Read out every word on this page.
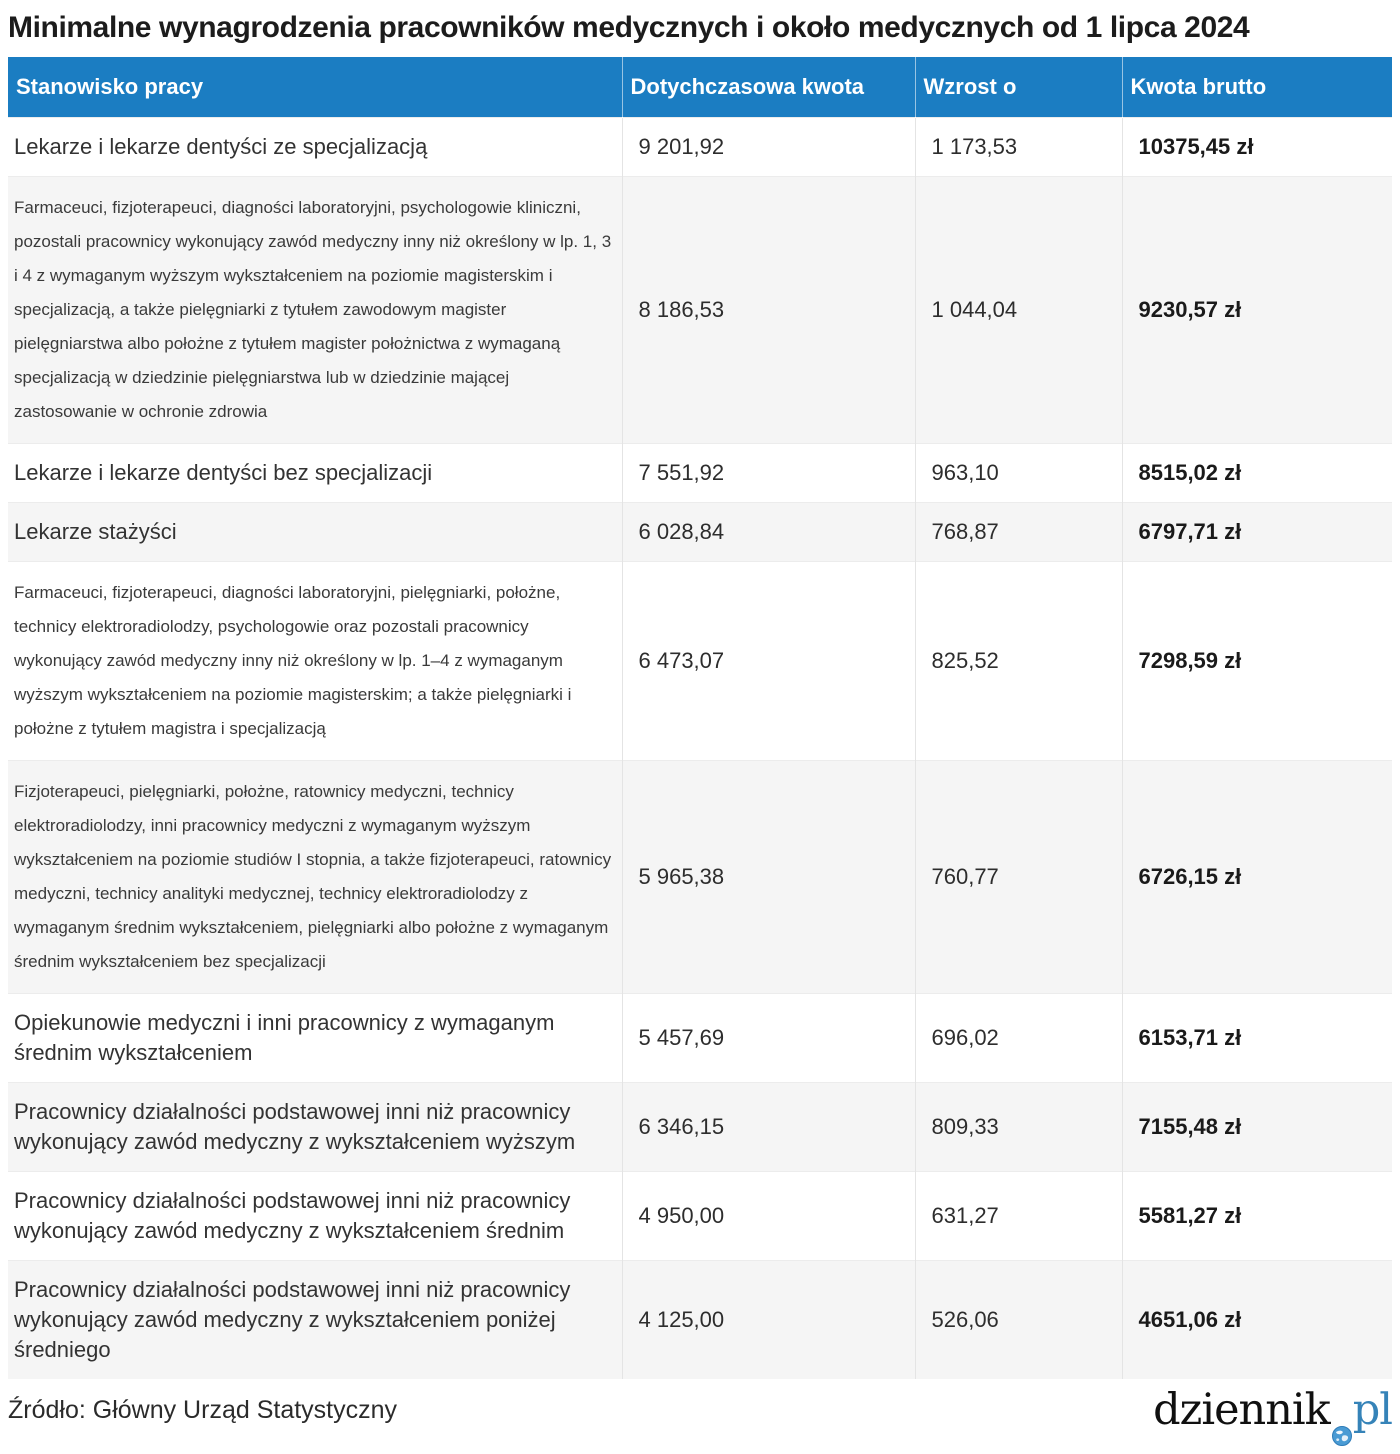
Minimalne wynagrodzenia pracowników medycznych i około medycznych od 1 lipca 2024
Stanowisko pracy	Dotychczasowa kwota	Wzrost o	Kwota brutto
Lekarze i lekarze dentyści ze specjalizacją	9 201,92	1 173,53	10375,45 zł
Farmaceuci, fizjoterapeuci, diagności laboratoryjni, psychologowie kliniczni, pozostali pracownicy wykonujący zawód medyczny inny niż określony w lp. 1, 3 i 4 z wymaganym wyższym wykształceniem na poziomie magisterskim i specjalizacją, a także pielęgniarki z tytułem zawodowym magister pielęgniarstwa albo położne z tytułem magister położnictwa z wymaganą specjalizacją w dziedzinie pielęgniarstwa lub w dziedzinie mającej zastosowanie w ochronie zdrowia	8 186,53	1 044,04	9230,57 zł
Lekarze i lekarze dentyści bez specjalizacji	7 551,92	963,10	8515,02 zł
Lekarze stażyści	6 028,84	768,87	6797,71 zł
Farmaceuci, fizjoterapeuci, diagności laboratoryjni, pielęgniarki, położne, technicy elektroradiolodzy, psychologowie oraz pozostali pracownicy wykonujący zawód medyczny inny niż określony w lp. 1–4 z wymaganym wyższym wykształceniem na poziomie magisterskim; a także pielęgniarki i położne z tytułem magistra i specjalizacją	6 473,07	825,52	7298,59 zł
Fizjoterapeuci, pielęgniarki, położne, ratownicy medyczni, technicy elektroradiolodzy, inni pracownicy medyczni z wymaganym wyższym wykształceniem na poziomie studiów I stopnia, a także fizjoterapeuci, ratownicy medyczni, technicy analityki medycznej, technicy elektroradiolodzy z wymaganym średnim wykształceniem, pielęgniarki albo położne z wymaganym średnim wykształceniem bez specjalizacji	5 965,38	760,77	6726,15 zł
Opiekunowie medyczni i inni pracownicy z wymaganym średnim wykształceniem	5 457,69	696,02	6153,71 zł
Pracownicy działalności podstawowej inni niż pracownicy wykonujący zawód medyczny z wykształceniem wyższym	6 346,15	809,33	7155,48 zł
Pracownicy działalności podstawowej inni niż pracownicy wykonujący zawód medyczny z wykształceniem średnim	4 950,00	631,27	5581,27 zł
Pracownicy działalności podstawowej inni niż pracownicy wykonujący zawód medyczny z wykształceniem poniżej średniego	4 125,00	526,06	4651,06 zł
Źródło: Główny Urząd Statystyczny	dziennik pl
